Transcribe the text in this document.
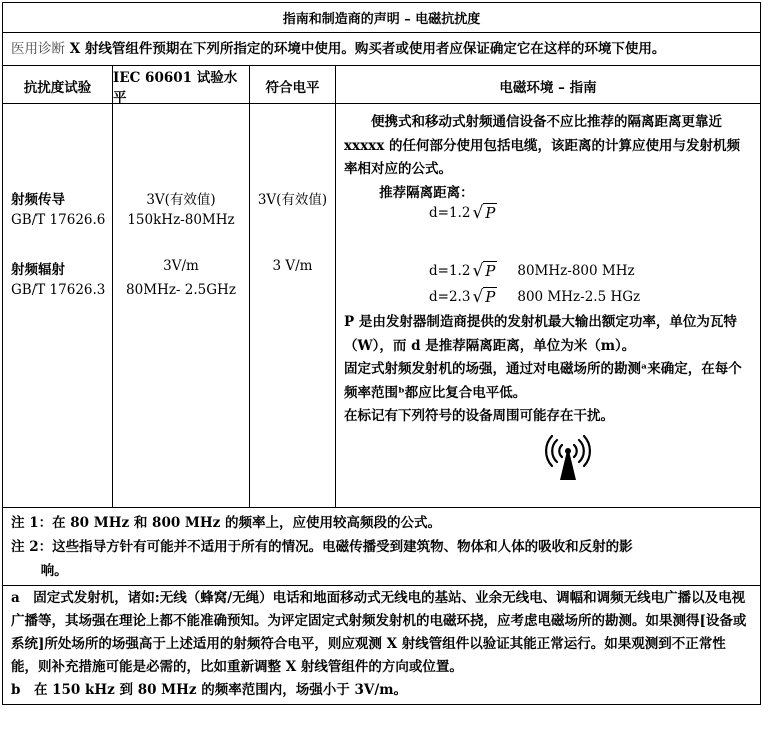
指南和制造商的声明 – 电磁抗扰度
医用诊断 X 射线管组件预期在下列所指定的环境中使用。购买者或使用者应保证确定它在这样的环境下使用。
抗扰度试验
IEC 60601 试验水平
符合电平	电磁环境 – 指南
射频传导
GB/T 17626.6
射频辐射
GB/T 17626.3
3V(有效值)
150kHz-80MHz
3V/m
80MHz- 2.5GHz
3V(有效值)
3 V/m
便携式和移动式射频通信设备不应比推荐的隔离距离更靠近 xxxxx 的任何部分使用包括电缆，该距离的计算应使用与发射机频率相对应的公式。
推荐隔离距离：
d=1.2 √ P
d=1.2 √ P 80MHz-800 MHz
d=2.3 √ P 800 MHz-2.5 HGz
P 是由发射器制造商提供的发射机最大输出额定功率，单位为瓦特（W），而 d 是推荐隔离距离，单位为米（m）。
固定式射频发射机的场强，通过对电磁场所的勘测ᵃ来确定，在每个频率范围ᵇ都应比复合电平低。
在标记有下列符号的设备周围可能存在干扰。
注 1：在 80 MHz 和 800 MHz 的频率上，应使用较高频段的公式。
注 2：这些指导方针有可能并不适用于所有的情况。电磁传播受到建筑物、物体和人体的吸收和反射的影
响。
a　固定式发射机，诸如:无线（蜂窝/无绳）电话和地面移动式无线电的基站、业余无线电、调幅和调频无线电广播以及电视广播等，其场强在理论上都不能准确预知。为评定固定式射频发射机的电磁环挠，应考虑电磁场所的勘测。如果测得[设备或系统]所处场所的场强高于上述适用的射频符合电平，则应观测 X 射线管组件以验证其能正常运行。如果观测到不正常性能，则补充措施可能是必需的，比如重新调整 X 射线管组件的方向或位置。
b　在 150 kHz 到 80 MHz 的频率范围内，场强小于 3V/m。
